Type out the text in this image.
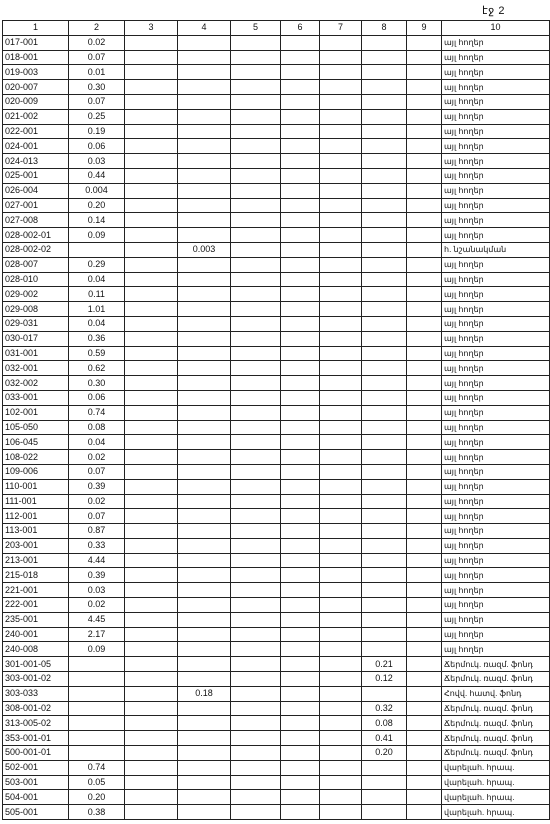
էջ 2
1	2	3	4	5	6	7	8	9	10
017-001	0.02								այլ հողեր
018-001	0.07								այլ հողեր
019-003	0.01								այլ հողեր
020-007	0.30								այլ հողեր
020-009	0.07								այլ հողեր
021-002	0.25								այլ հողեր
022-001	0.19								այլ հողեր
024-001	0.06								այլ հողեր
024-013	0.03								այլ հողեր
025-001	0.44								այլ հողեր
026-004	0.004								այլ հողեր
027-001	0.20								այլ հողեր
027-008	0.14								այլ հողեր
028-002-01	0.09								այլ հողեր
028-002-02			0.003						հ. նշանակման
028-007	0.29								այլ հողեր
028-010	0.04								այլ հողեր
029-002	0.11								այլ հողեր
029-008	1.01								այլ հողեր
029-031	0.04								այլ հողեր
030-017	0.36								այլ հողեր
031-001	0.59								այլ հողեր
032-001	0.62								այլ հողեր
032-002	0.30								այլ հողեր
033-001	0.06								այլ հողեր
102-001	0.74								այլ հողեր
105-050	0.08								այլ հողեր
106-045	0.04								այլ հողեր
108-022	0.02								այլ հողեր
109-006	0.07								այլ հողեր
110-001	0.39								այլ հողեր
111-001	0.02								այլ հողեր
112-001	0.07								այլ հողեր
113-001	0.87								այլ հողեր
203-001	0.33								այլ հողեր
213-001	4.44								այլ հողեր
215-018	0.39								այլ հողեր
221-001	0.03								այլ հողեր
222-001	0.02								այլ հողեր
235-001	4.45								այլ հողեր
240-001	2.17								այլ հողեր
240-008	0.09								այլ հողեր
301-001-05							0.21		Ճերմուկ. ռազմ. ֆոնդ
303-001-02							0.12		Ճերմուկ. ռազմ. ֆոնդ
303-033			0.18						Հովվ. հատվ. ֆոնդ
308-001-02							0.32		Ճերմուկ. ռազմ. ֆոնդ
313-005-02							0.08		Ճերմուկ. ռազմ. ֆոնդ
353-001-01							0.41		Ճերմուկ. ռազմ. ֆոնդ
500-001-01							0.20		Ճերմուկ. ռազմ. ֆոնդ
502-001	0.74								վարելահ. հրապ.
503-001	0.05								վարելահ. հրապ.
504-001	0.20								վարելահ. հրապ.
505-001	0.38								վարելահ. հրապ.
